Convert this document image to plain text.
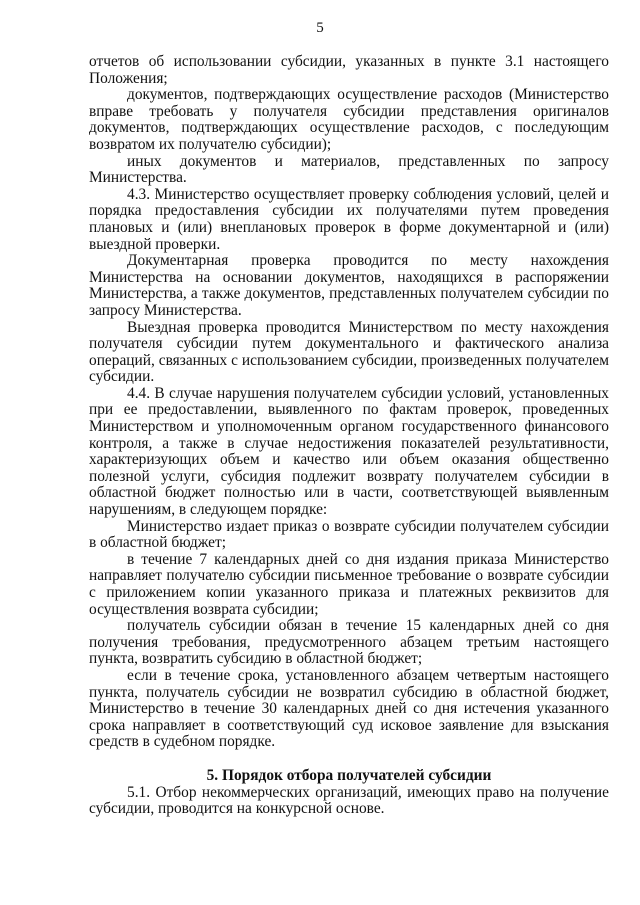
5

отчетов об использовании субсидии, указанных в пункте 3.1 настоящего Положения;

документов, подтверждающих осуществление расходов (Министерство вправе требовать у получателя субсидии представления оригиналов документов, подтверждающих осуществление расходов, с последующим возвратом их получателю субсидии);

иных документов и материалов, представленных по запросу Министерства.

4.3. Министерство осуществляет проверку соблюдения условий, целей и порядка предоставления субсидии их получателями путем проведения плановых и (или) внеплановых проверок в форме документарной и (или) выездной проверки.

Документарная проверка проводится по месту нахождения Министерства на основании документов, находящихся в распоряжении Министерства, а также документов, представленных получателем субсидии по запросу Министерства.

Выездная проверка проводится Министерством по месту нахождения получателя субсидии путем документального и фактического анализа операций, связанных с использованием субсидии, произведенных получателем субсидии.

4.4. В случае нарушения получателем субсидии условий, установленных при ее предоставлении, выявленного по фактам проверок, проведенных Министерством и уполномоченным органом государственного финансового контроля, а также в случае недостижения показателей результативности, характеризующих объем и качество или объем оказания общественно полезной услуги, субсидия подлежит возврату получателем субсидии в областной бюджет полностью или в части, соответствующей выявленным нарушениям, в следующем порядке:

Министерство издает приказ о возврате субсидии получателем субсидии в областной бюджет;

в течение 7 календарных дней со дня издания приказа Министерство направляет получателю субсидии письменное требование о возврате субсидии с приложением копии указанного приказа и платежных реквизитов для осуществления возврата субсидии;

получатель субсидии обязан в течение 15 календарных дней со дня получения требования, предусмотренного абзацем третьим настоящего пункта, возвратить субсидию в областной бюджет;

если в течение срока, установленного абзацем четвертым настоящего пункта, получатель субсидии не возвратил субсидию в областной бюджет, Министерство в течение 30 календарных дней со дня истечения указанного срока направляет в соответствующий суд исковое заявление для взыскания средств в судебном порядке.

5. Порядок отбора получателей субсидии

5.1. Отбор некоммерческих организаций, имеющих право на получение субсидии, проводится на конкурсной основе.
